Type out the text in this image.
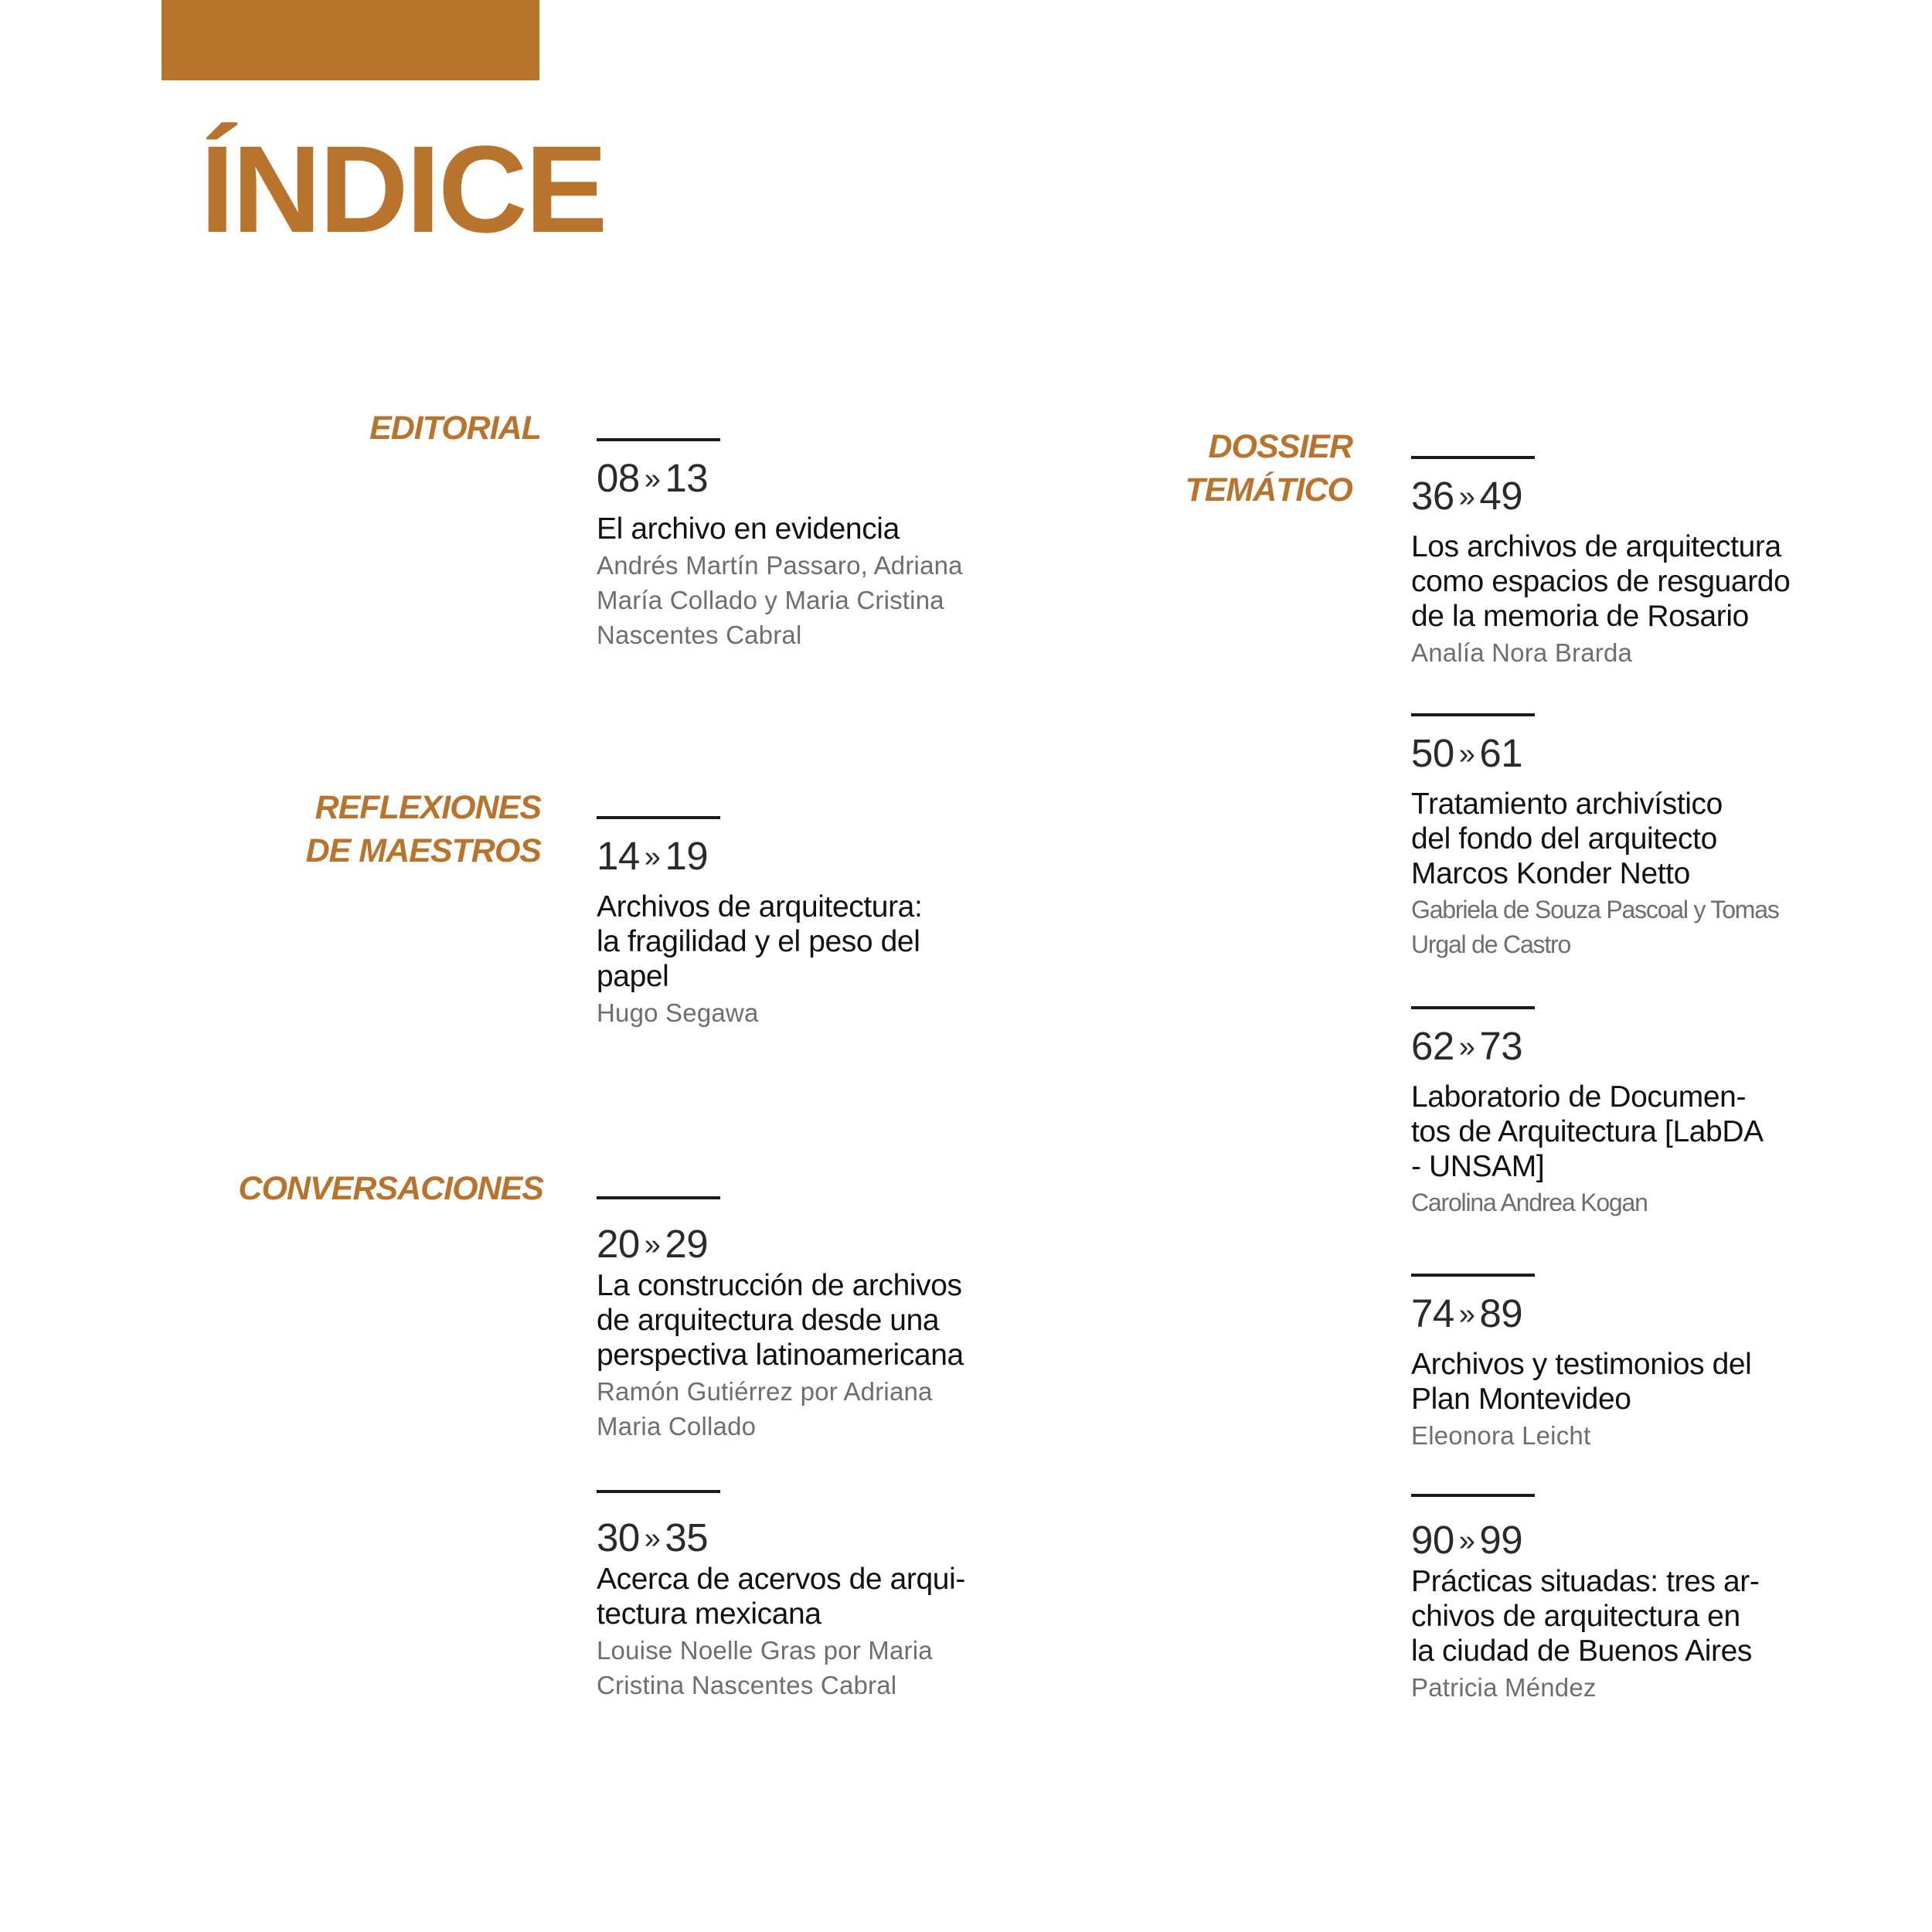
ÍNDICE
EDITORIAL
REFLEXIONES
DE MAESTROS
CONVERSACIONES
DOSSIER
TEMÁTICO
08 » 13
El archivo en evidencia
Andrés Martín Passaro, Adriana
María Collado y Maria Cristina
Nascentes Cabral
14 » 19
Archivos de arquitectura:
la fragilidad y el peso del
papel
Hugo Segawa
20 » 29
La construcción de archivos
de arquitectura desde una
perspectiva latinoamericana
Ramón Gutiérrez por Adriana
Maria Collado
30 » 35
Acerca de acervos de arqui-
tectura mexicana
Louise Noelle Gras por Maria
Cristina Nascentes Cabral
36 » 49
Los archivos de arquitectura
como espacios de resguardo
de la memoria de Rosario
Analía Nora Brarda
50 » 61
Tratamiento archivístico
del fondo del arquitecto
Marcos Konder Netto
Gabriela de Souza Pascoal y Tomas
Urgal de Castro
62 » 73
Laboratorio de Documen-
tos de Arquitectura [LabDA
- UNSAM]
Carolina Andrea Kogan
74 » 89
Archivos y testimonios del
Plan Montevideo
Eleonora Leicht
90 » 99
Prácticas situadas: tres ar-
chivos de arquitectura en
la ciudad de Buenos Aires
Patricia Méndez
